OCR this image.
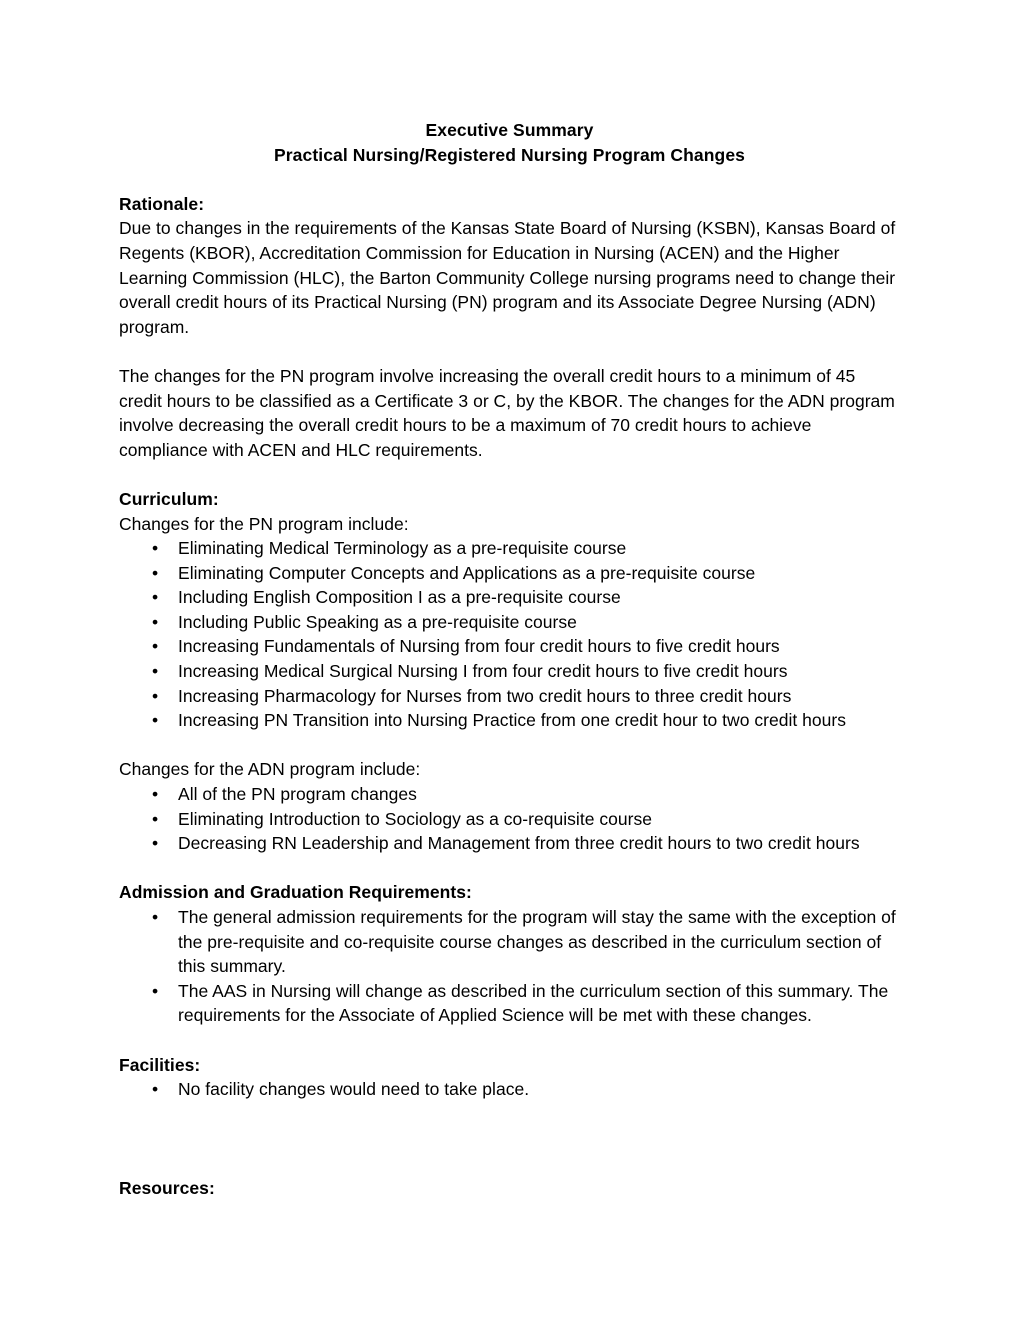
Executive Summary
Practical Nursing/Registered Nursing Program Changes

Rationale:
Due to changes in the requirements of the Kansas State Board of Nursing (KSBN), Kansas Board of Regents (KBOR), Accreditation Commission for Education in Nursing (ACEN) and the Higher Learning Commission (HLC), the Barton Community College nursing programs need to change their overall credit hours of its Practical Nursing (PN) program and its Associate Degree Nursing (ADN) program.

The changes for the PN program involve increasing the overall credit hours to a minimum of 45 credit hours to be classified as a Certificate 3 or C, by the KBOR. The changes for the ADN program involve decreasing the overall credit hours to be a maximum of 70 credit hours to achieve compliance with ACEN and HLC requirements.

Curriculum:
Changes for the PN program include:
• Eliminating Medical Terminology as a pre-requisite course
• Eliminating Computer Concepts and Applications as a pre-requisite course
• Including English Composition I as a pre-requisite course
• Including Public Speaking as a pre-requisite course
• Increasing Fundamentals of Nursing from four credit hours to five credit hours
• Increasing Medical Surgical Nursing I from four credit hours to five credit hours
• Increasing Pharmacology for Nurses from two credit hours to three credit hours
• Increasing PN Transition into Nursing Practice from one credit hour to two credit hours

Changes for the ADN program include:
• All of the PN program changes
• Eliminating Introduction to Sociology as a co-requisite course
• Decreasing RN Leadership and Management from three credit hours to two credit hours

Admission and Graduation Requirements:
• The general admission requirements for the program will stay the same with the exception of the pre-requisite and co-requisite course changes as described in the curriculum section of this summary.
• The AAS in Nursing will change as described in the curriculum section of this summary. The requirements for the Associate of Applied Science will be met with these changes.

Facilities:
• No facility changes would need to take place.

Resources:
